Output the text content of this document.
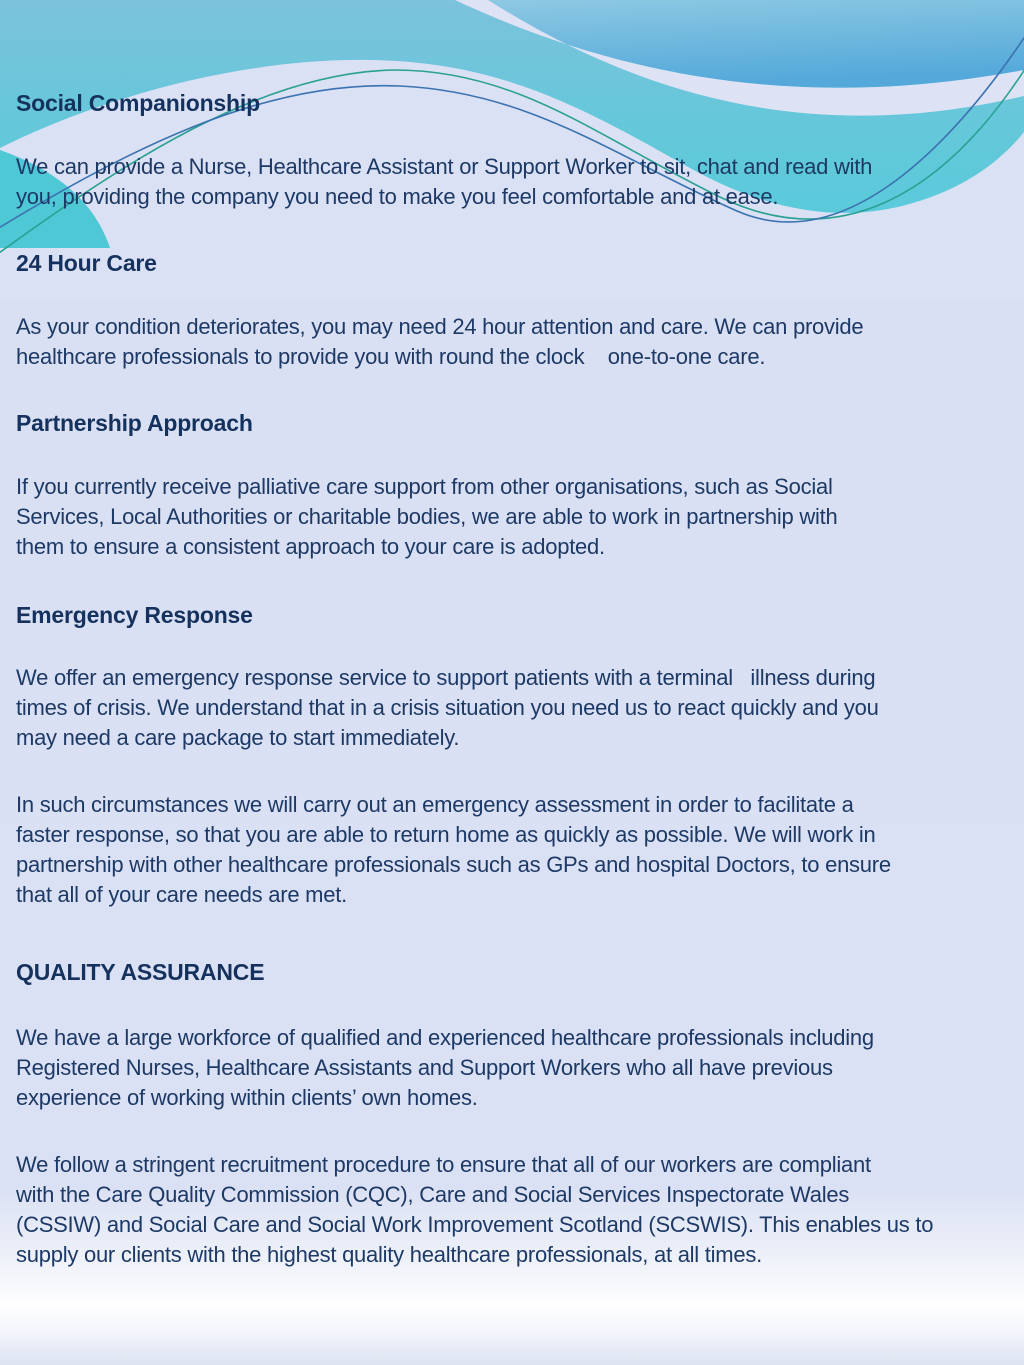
Social Companionship
We can provide a Nurse, Healthcare Assistant or Support Worker to sit, chat and read with
you, providing the company you need to make you feel comfortable and at ease.
24 Hour Care
As your condition deteriorates, you may need 24 hour attention and care. We can provide
healthcare professionals to provide you with round the clock    one-to-one care.
Partnership Approach
If you currently receive palliative care support from other organisations, such as Social
Services, Local Authorities or charitable bodies, we are able to work in partnership with
them to ensure a consistent approach to your care is adopted.
Emergency Response
We offer an emergency response service to support patients with a terminal   illness during
times of crisis. We understand that in a crisis situation you need us to react quickly and you
may need a care package to start immediately.
In such circumstances we will carry out an emergency assessment in order to facilitate a
faster response, so that you are able to return home as quickly as possible. We will work in
partnership with other healthcare professionals such as GPs and hospital Doctors, to ensure
that all of your care needs are met.
QUALITY ASSURANCE
We have a large workforce of qualified and experienced healthcare professionals including
Registered Nurses, Healthcare Assistants and Support Workers who all have previous
experience of working within clients’ own homes.
We follow a stringent recruitment procedure to ensure that all of our workers are compliant
with the Care Quality Commission (CQC), Care and Social Services Inspectorate Wales
(CSSIW) and Social Care and Social Work Improvement Scotland (SCSWIS). This enables us to
supply our clients with the highest quality healthcare professionals, at all times.
